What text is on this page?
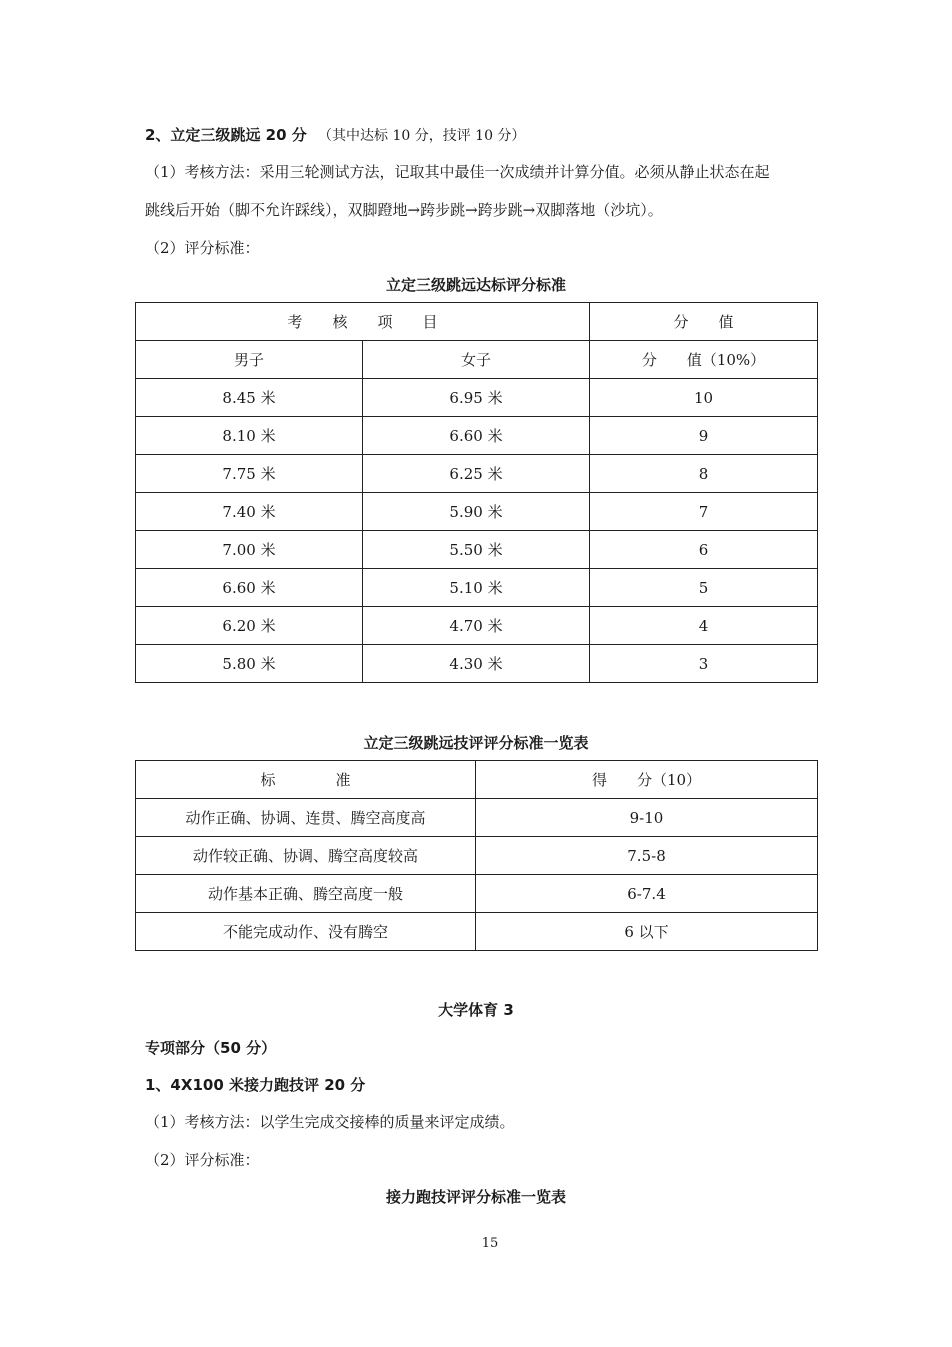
2、立定三级跳远 20 分 （其中达标 10 分，技评 10 分）
（1）考核方法：采用三轮测试方法，记取其中最佳一次成绩并计算分值。必须从静止状态在起
跳线后开始（脚不允许踩线），双脚蹬地→跨步跳→跨步跳→双脚落地（沙坑）。
（2）评分标准：
立定三级跳远达标评分标准
考　　核　　项　　目		分　　值
男子	女子	分　　值（10%）
8.45 米	6.95 米	10
8.10 米	6.60 米	9
7.75 米	6.25 米	8
7.40 米	5.90 米	7
7.00 米	5.50 米	6
6.60 米	5.10 米	5
6.20 米	4.70 米	4
5.80 米	4.30 米	3
立定三级跳远技评评分标准一览表
标　　　　准	得　　分（10）
动作正确、协调、连贯、腾空高度高	9-10
动作较正确、协调、腾空高度较高	7.5-8
动作基本正确、腾空高度一般	6-7.4
不能完成动作、没有腾空	6 以下
大学体育 3
专项部分（50 分）
1、4X100 米接力跑技评 20 分
（1）考核方法：以学生完成交接棒的质量来评定成绩。
（2）评分标准：
接力跑技评评分标准一览表
15
